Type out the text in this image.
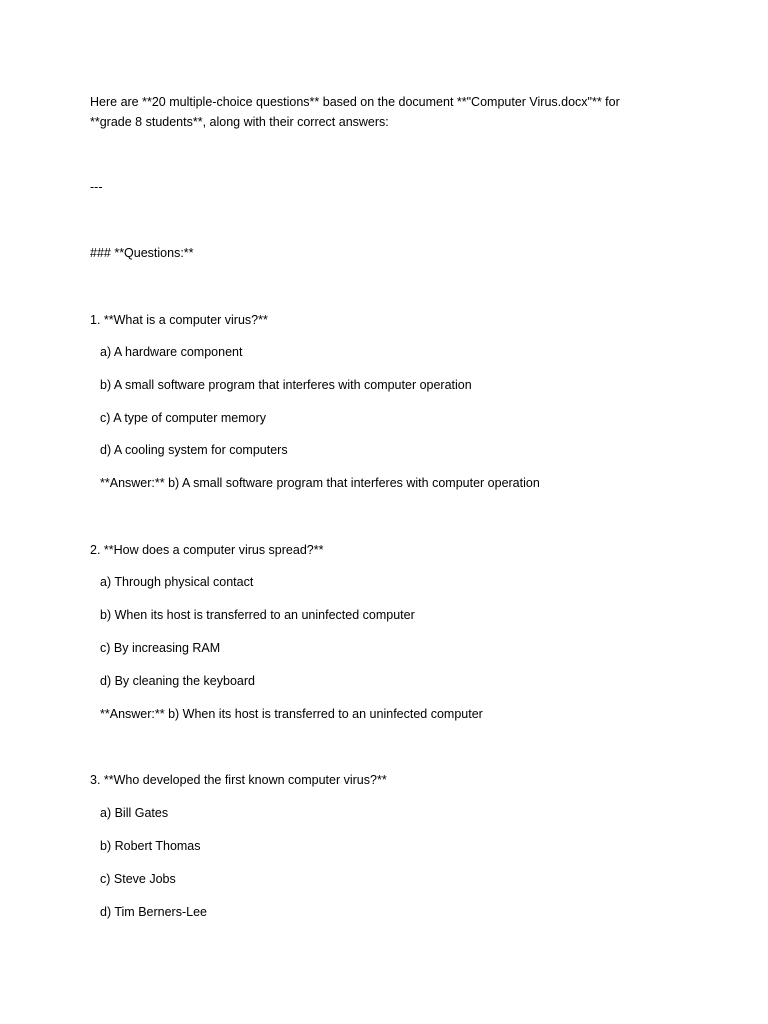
Here are **20 multiple-choice questions** based on the document **"Computer Virus.docx"** for
**grade 8 students**, along with their correct answers:
---
### **Questions:**
1. **What is a computer virus?**
a) A hardware component
b) A small software program that interferes with computer operation
c) A type of computer memory
d) A cooling system for computers
**Answer:** b) A small software program that interferes with computer operation
2. **How does a computer virus spread?**
a) Through physical contact
b) When its host is transferred to an uninfected computer
c) By increasing RAM
d) By cleaning the keyboard
**Answer:** b) When its host is transferred to an uninfected computer
3. **Who developed the first known computer virus?**
a) Bill Gates
b) Robert Thomas
c) Steve Jobs
d) Tim Berners-Lee
